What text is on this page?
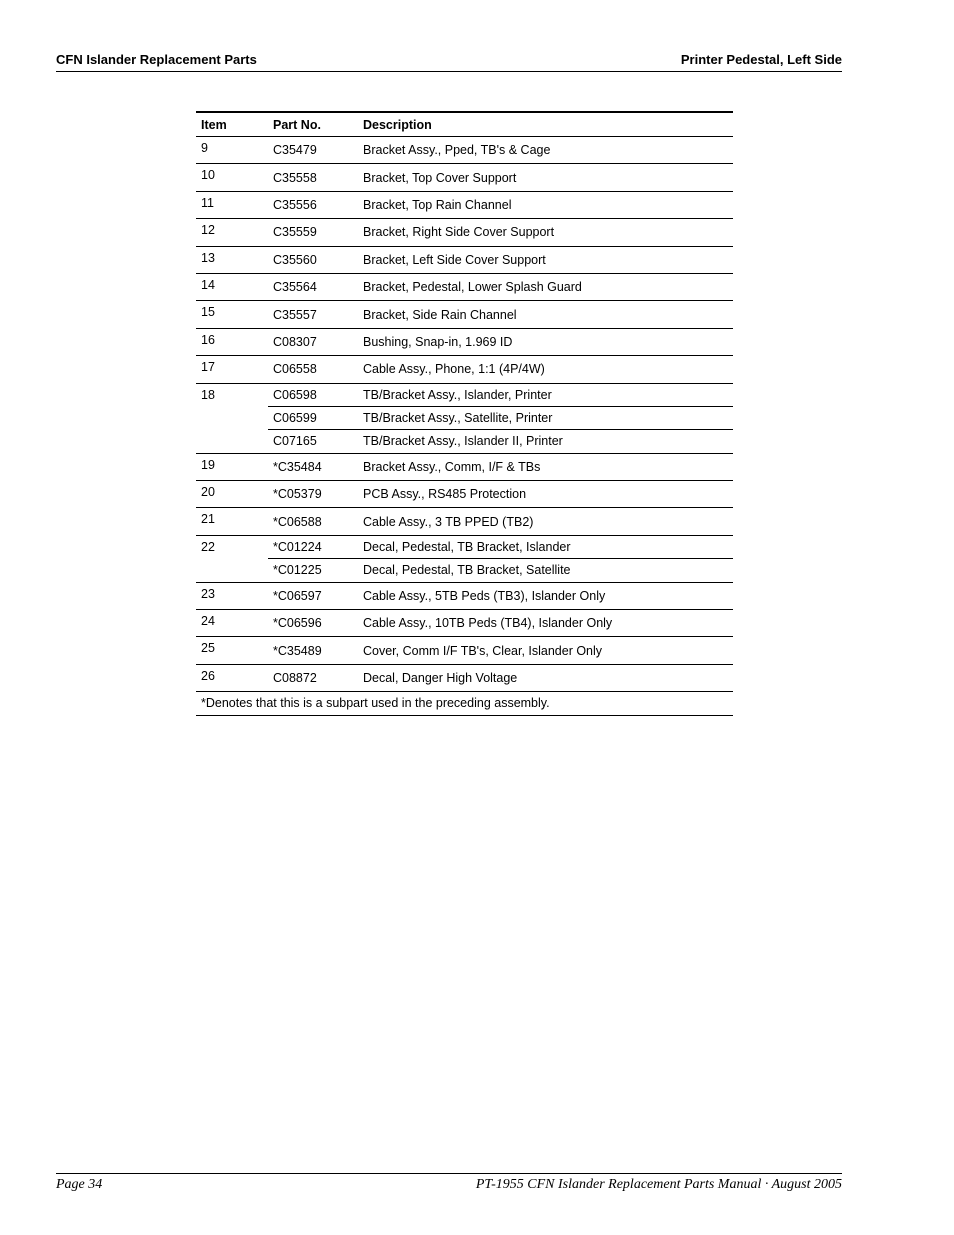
CFN Islander Replacement Parts	Printer Pedestal, Left Side
Item	Part No.	Description
9	C35479	Bracket Assy., Pped, TB's & Cage
10	C35558	Bracket, Top Cover Support
11	C35556	Bracket, Top Rain Channel
12	C35559	Bracket, Right Side Cover Support
13	C35560	Bracket, Left Side Cover Support
14	C35564	Bracket, Pedestal, Lower Splash Guard
15	C35557	Bracket, Side Rain Channel
16	C08307	Bushing, Snap-in, 1.969 ID
17	C06558	Cable Assy., Phone, 1:1 (4P/4W)
18	C06598	TB/Bracket Assy., Islander, Printer
	C06599	TB/Bracket Assy., Satellite, Printer
	C07165	TB/Bracket Assy., Islander II, Printer
19	*C35484	Bracket Assy., Comm, I/F & TBs
20	*C05379	PCB Assy., RS485 Protection
21	*C06588	Cable Assy., 3 TB PPED (TB2)
22	*C01224	Decal, Pedestal, TB Bracket, Islander
	*C01225	Decal, Pedestal, TB Bracket, Satellite
23	*C06597	Cable Assy., 5TB Peds (TB3), Islander Only
24	*C06596	Cable Assy., 10TB Peds (TB4), Islander Only
25	*C35489	Cover, Comm I/F TB's, Clear, Islander Only
26	C08872	Decal, Danger High Voltage
*Denotes that this is a subpart used in the preceding assembly.		
Page 34	PT-1955 CFN Islander Replacement Parts Manual · August 2005
